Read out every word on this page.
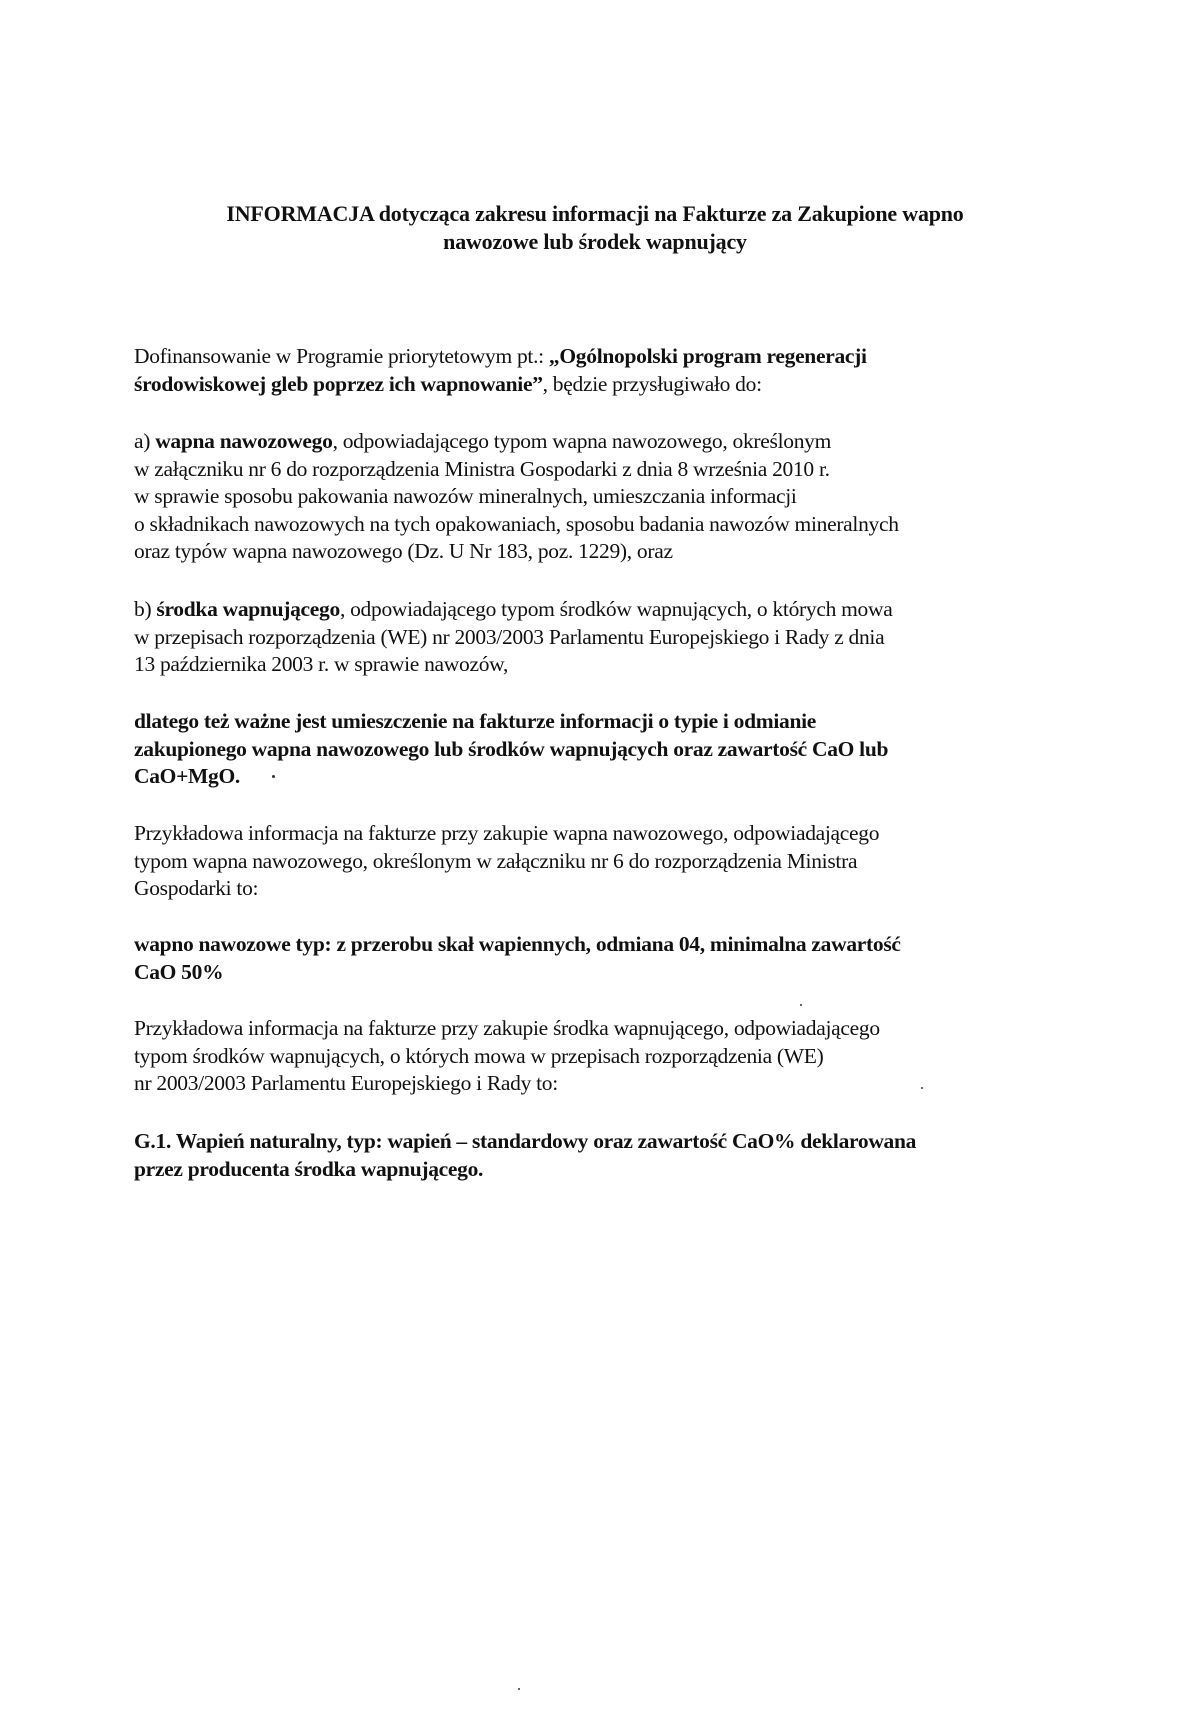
INFORMACJA dotycząca zakresu informacji na Fakturze za Zakupione wapno
nawozowe lub środek wapnujący
Dofinansowanie w Programie priorytetowym pt.: „Ogólnopolski program regeneracji
środowiskowej gleb poprzez ich wapnowanie”, będzie przysługiwało do:
a) wapna nawozowego, odpowiadającego typom wapna nawozowego, określonym
w załączniku nr 6 do rozporządzenia Ministra Gospodarki z dnia 8 września 2010 r.
w sprawie sposobu pakowania nawozów mineralnych, umieszczania informacji
o składnikach nawozowych na tych opakowaniach, sposobu badania nawozów mineralnych
oraz typów wapna nawozowego (Dz. U Nr 183, poz. 1229), oraz
b) środka wapnującego, odpowiadającego typom środków wapnujących, o których mowa
w przepisach rozporządzenia (WE) nr 2003/2003 Parlamentu Europejskiego i Rady z dnia
13 października 2003 r. w sprawie nawozów,
dlatego też ważne jest umieszczenie na fakturze informacji o typie i odmianie
zakupionego wapna nawozowego lub środków wapnujących oraz zawartość CaO lub
CaO+MgO.
Przykładowa informacja na fakturze przy zakupie wapna nawozowego, odpowiadającego
typom wapna nawozowego, określonym w załączniku nr 6 do rozporządzenia Ministra
Gospodarki to:
wapno nawozowe typ: z przerobu skał wapiennych, odmiana 04, minimalna zawartość
CaO 50%
Przykładowa informacja na fakturze przy zakupie środka wapnującego, odpowiadającego
typom środków wapnujących, o których mowa w przepisach rozporządzenia (WE)
nr 2003/2003 Parlamentu Europejskiego i Rady to:
G.1. Wapień naturalny, typ: wapień – standardowy oraz zawartość CaO% deklarowana
przez producenta środka wapnującego.
